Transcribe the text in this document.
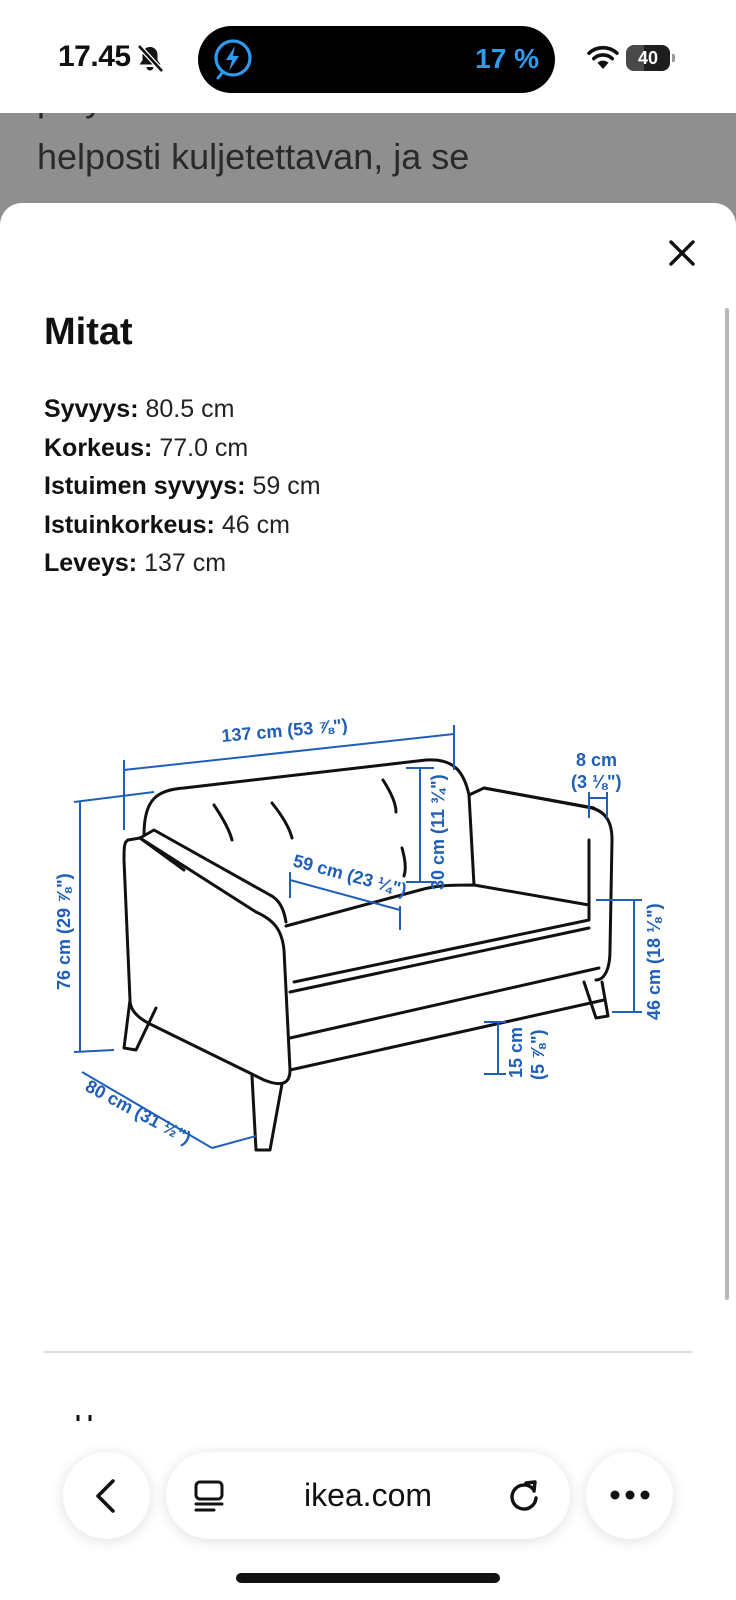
helposti kuljetettavan, ja se
17.45	17 %	40
Mitat
Syvyys: 80.5 cm
Korkeus: 77.0 cm
Istuimen syvyys: 59 cm
Istuinkorkeus: 46 cm
Leveys: 137 cm
137 cm (53 ⅞")
8 cm
(3 ⅛")
30 cm (11 ¾")
59 cm (23 ¼")
76 cm (29 ⅞")	46 cm (18 ⅛")
15 cm (5 ⅞")
80 cm (31 ½")
ikea.com
